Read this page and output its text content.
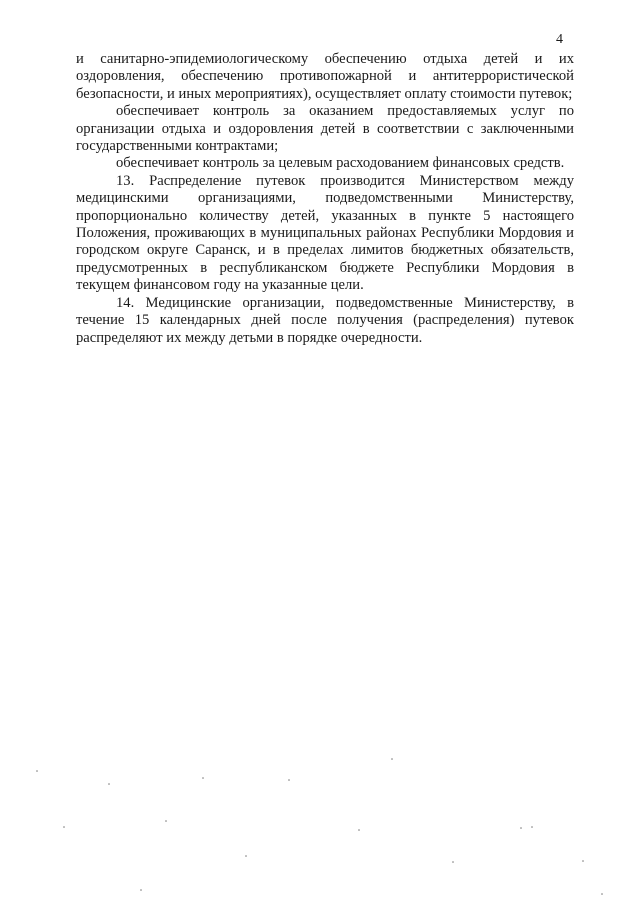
4

и санитарно-эпидемиологическому обеспечению отдыха детей и их оздоровления, обеспечению противопожарной и антитеррористической безопасности, и иных мероприятиях), осуществляет оплату стоимости путевок;

обеспечивает контроль за оказанием предоставляемых услуг по организации отдыха и оздоровления детей в соответствии с заключенными государственными контрактами;

обеспечивает контроль за целевым расходованием финансовых средств.

13. Распределение путевок производится Министерством между медицинскими организациями, подведомственными Министерству, пропорционально количеству детей, указанных в пункте 5 настоящего Положения, проживающих в муниципальных районах Республики Мордовия и городском округе Саранск, и в пределах лимитов бюджетных обязательств, предусмотренных в республиканском бюджете Республики Мордовия в текущем финансовом году на указанные цели.

14. Медицинские организации, подведомственные Министерству, в течение 15 календарных дней после получения (распределения) путевок распределяют их между детьми в порядке очередности.
